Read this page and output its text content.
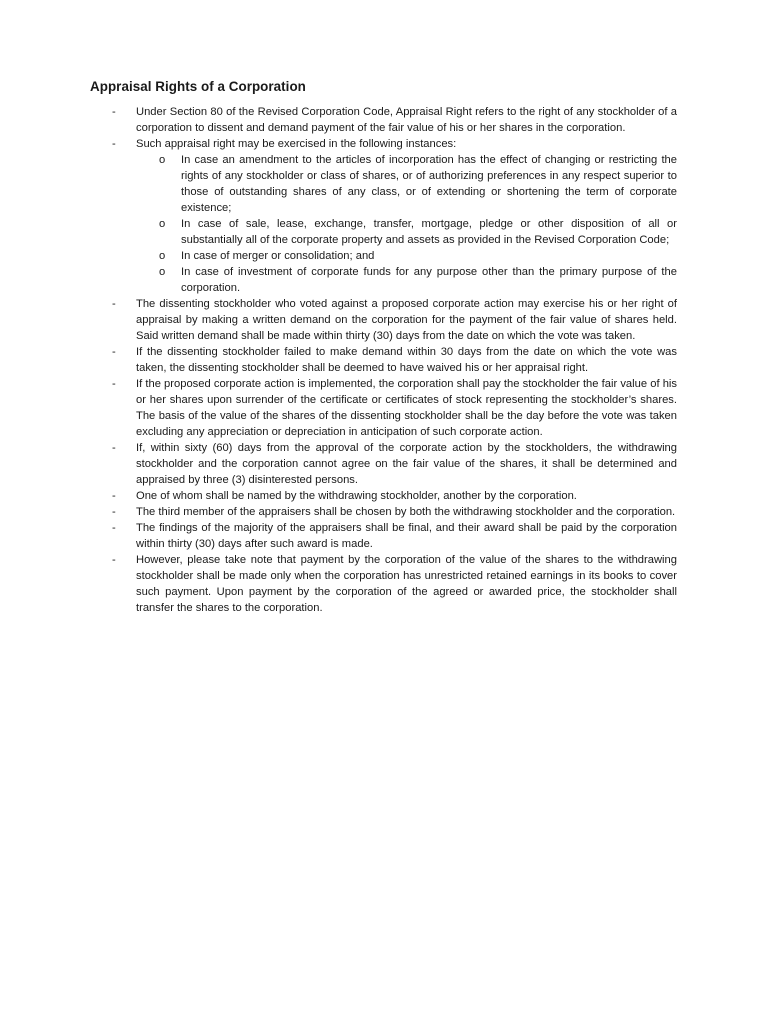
Appraisal Rights of a Corporation
-	Under Section 80 of the Revised Corporation Code, Appraisal Right refers to the right of any stockholder of a corporation to dissent and demand payment of the fair value of his or her shares in the corporation.
-	Such appraisal right may be exercised in the following instances:
o	In case an amendment to the articles of incorporation has the effect of changing or restricting the rights of any stockholder or class of shares, or of authorizing preferences in any respect superior to those of outstanding shares of any class, or of extending or shortening the term of corporate existence;
o	In case of sale, lease, exchange, transfer, mortgage, pledge or other disposition of all or substantially all of the corporate property and assets as provided in the Revised Corporation Code;
o	In case of merger or consolidation; and
o	In case of investment of corporate funds for any purpose other than the primary purpose of the corporation.
-	The dissenting stockholder who voted against a proposed corporate action may exercise his or her right of appraisal by making a written demand on the corporation for the payment of the fair value of shares held. Said written demand shall be made within thirty (30) days from the date on which the vote was taken.
-	If the dissenting stockholder failed to make demand within 30 days from the date on which the vote was taken, the dissenting stockholder shall be deemed to have waived his or her appraisal right.
-	If the proposed corporate action is implemented, the corporation shall pay the stockholder the fair value of his or her shares upon surrender of the certificate or certificates of stock representing the stockholder’s shares. The basis of the value of the shares of the dissenting stockholder shall be the day before the vote was taken excluding any appreciation or depreciation in anticipation of such corporate action.
-	If, within sixty (60) days from the approval of the corporate action by the stockholders, the withdrawing stockholder and the corporation cannot agree on the fair value of the shares, it shall be determined and appraised by three (3) disinterested persons.
-	One of whom shall be named by the withdrawing stockholder, another by the corporation.
-	The third member of the appraisers shall be chosen by both the withdrawing stockholder and the corporation.
-	The findings of the majority of the appraisers shall be final, and their award shall be paid by the corporation within thirty (30) days after such award is made.
-	However, please take note that payment by the corporation of the value of the shares to the withdrawing stockholder shall be made only when the corporation has unrestricted retained earnings in its books to cover such payment. Upon payment by the corporation of the agreed or awarded price, the stockholder shall transfer the shares to the corporation.
